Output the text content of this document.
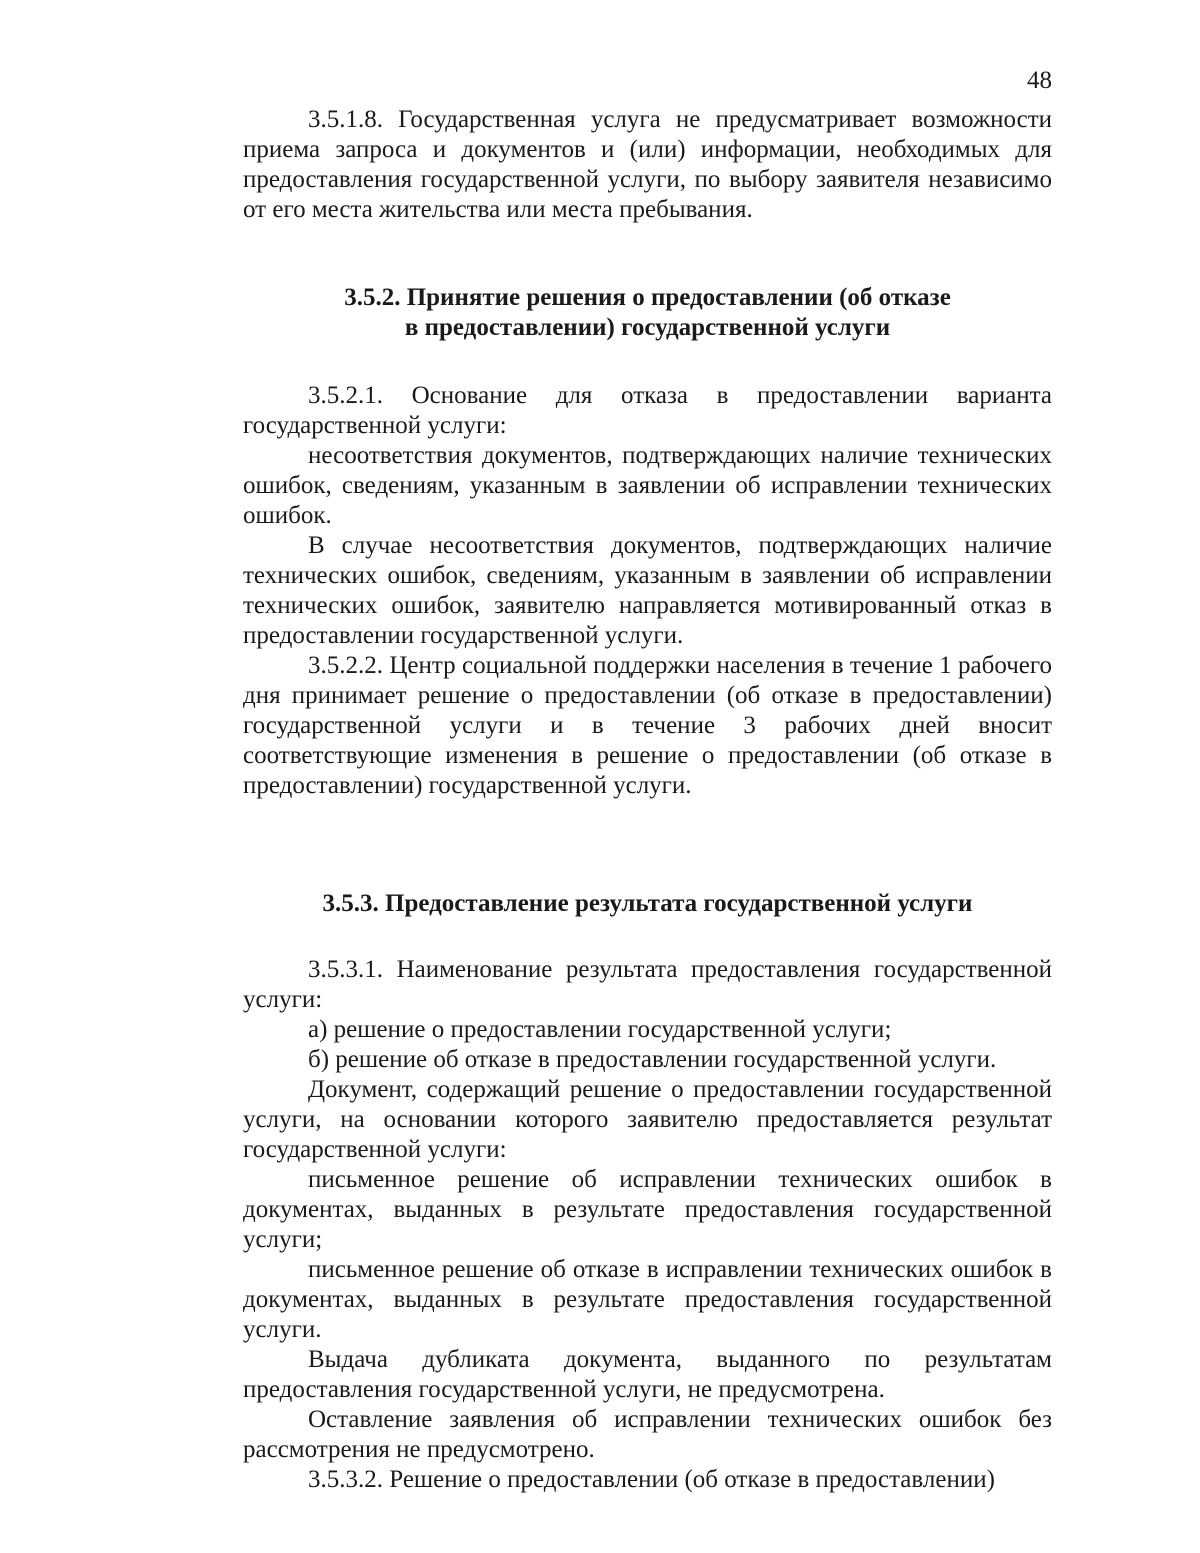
48

3.5.1.8. Государственная услуга не предусматривает возможности приема запроса и документов и (или) информации, необходимых для предоставления государственной услуги, по выбору заявителя независимо от его места жительства или места пребывания.

3.5.2. Принятие решения о предоставлении (об отказе
в предоставлении) государственной услуги

3.5.2.1. Основание для отказа в предоставлении варианта государственной услуги:

несоответствия документов, подтверждающих наличие технических ошибок, сведениям, указанным в заявлении об исправлении технических ошибок.

В случае несоответствия документов, подтверждающих наличие технических ошибок, сведениям, указанным в заявлении об исправлении технических ошибок, заявителю направляется мотивированный отказ в предоставлении государственной услуги.

3.5.2.2. Центр социальной поддержки населения в течение 1 рабочего дня принимает решение о предоставлении (об отказе в предоставлении) государственной услуги и в течение 3 рабочих дней вносит соответствующие изменения в решение о предоставлении (об отказе в предоставлении) государственной услуги.

3.5.3. Предоставление результата государственной услуги

3.5.3.1. Наименование результата предоставления государственной услуги:

а) решение о предоставлении государственной услуги;

б) решение об отказе в предоставлении государственной услуги.

Документ, содержащий решение о предоставлении государственной услуги, на основании которого заявителю предоставляется результат государственной услуги:

письменное решение об исправлении технических ошибок в документах, выданных в результате предоставления государственной услуги;

письменное решение об отказе в исправлении технических ошибок в документах, выданных в результате предоставления государственной услуги.

Выдача дубликата документа, выданного по результатам предоставления государственной услуги, не предусмотрена.

Оставление заявления об исправлении технических ошибок без рассмотрения не предусмотрено.

3.5.3.2. Решение о предоставлении (об отказе в предоставлении)
